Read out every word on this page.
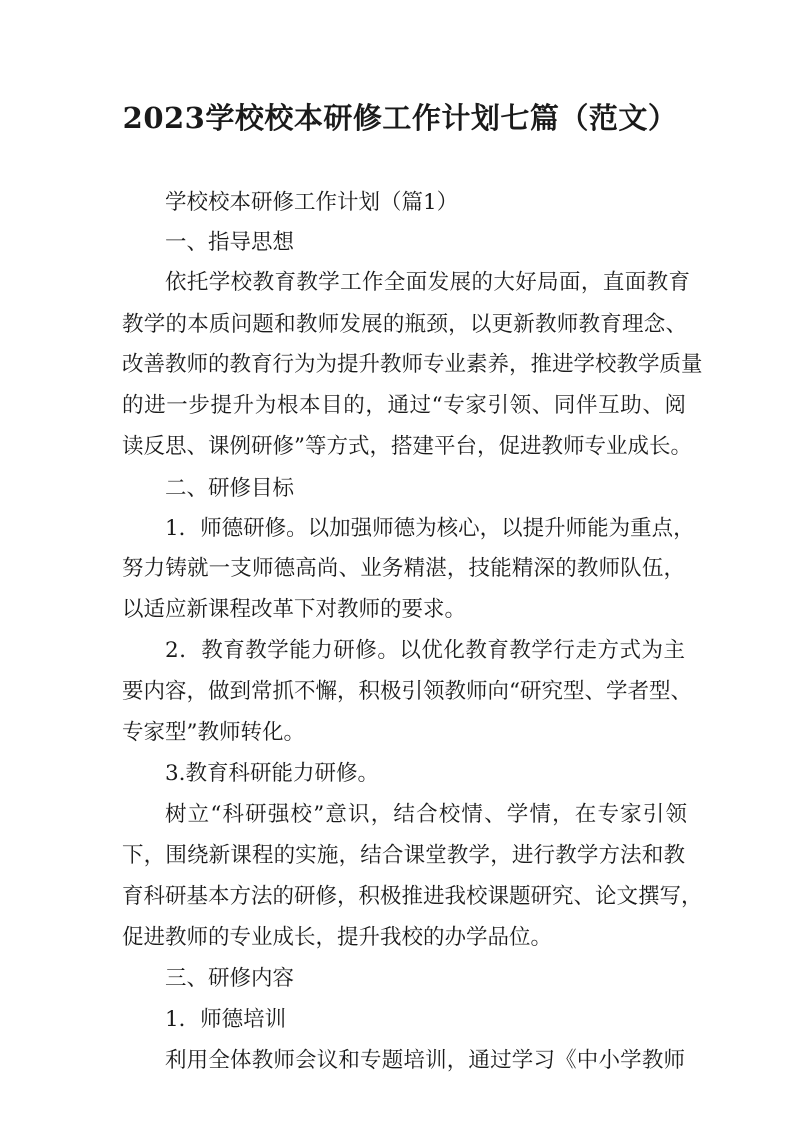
2023学校校本研修工作计划七篇（范文）
学校校本研修工作计划（篇1）
一、指导思想
依托学校教育教学工作全面发展的大好局面，直面教育
教学的本质问题和教师发展的瓶颈，以更新教师教育理念、
改善教师的教育行为为提升教师专业素养，推进学校教学质量
的进一步提升为根本目的，通过“专家引领、同伴互助、阅
读反思、课例研修”等方式，搭建平台，促进教师专业成长。
二、研修目标
1．师德研修。以加强师德为核心，以提升师能为重点，
努力铸就一支师德高尚、业务精湛，技能精深的教师队伍，
以适应新课程改革下对教师的要求。
2．教育教学能力研修。以优化教育教学行走方式为主
要内容，做到常抓不懈，积极引领教师向“研究型、学者型、
专家型”教师转化。
3.教育科研能力研修。
树立“科研强校”意识，结合校情、学情，在专家引领
下，围绕新课程的实施，结合课堂教学，进行教学方法和教
育科研基本方法的研修，积极推进我校课题研究、论文撰写，
促进教师的专业成长，提升我校的办学品位。
三、研修内容
1．师德培训
利用全体教师会议和专题培训，通过学习《中小学教师
